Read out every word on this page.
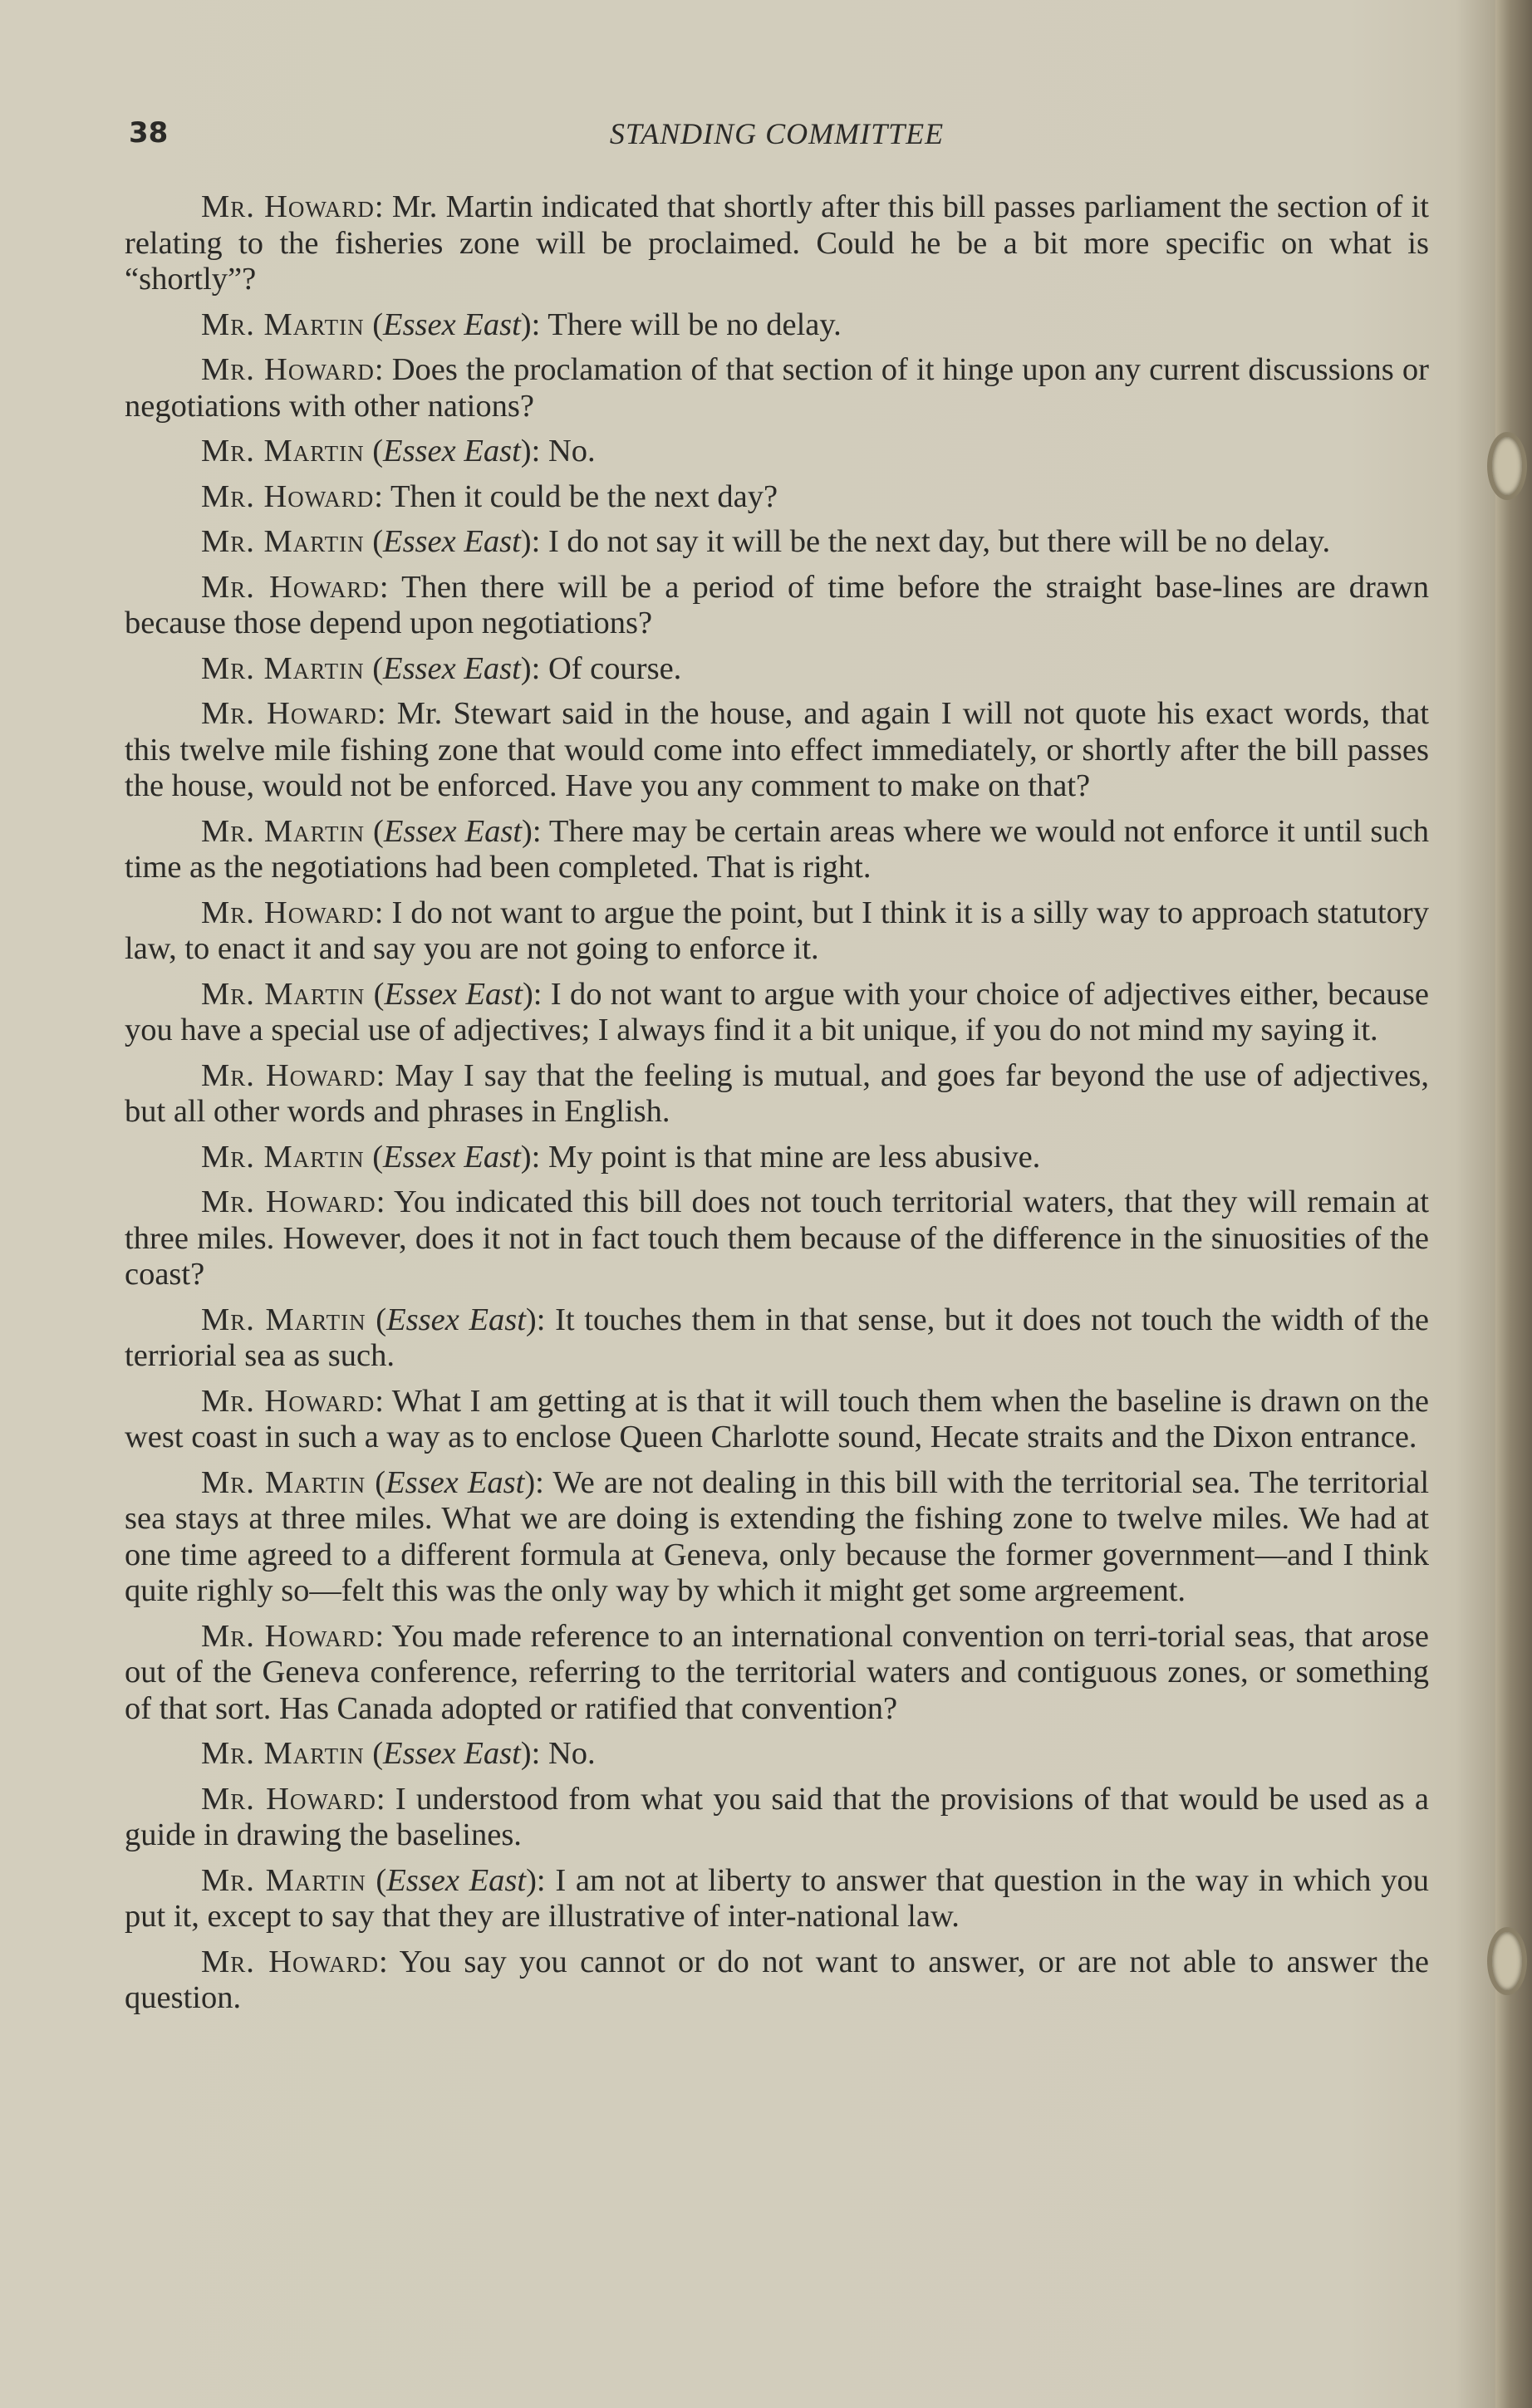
38	STANDING COMMITTEE

Mr. Howard: Mr. Martin indicated that shortly after this bill passes parliament the section of it relating to the fisheries zone will be proclaimed. Could he be a bit more specific on what is “shortly”?

Mr. Martin (Essex East): There will be no delay.

Mr. Howard: Does the proclamation of that section of it hinge upon any current discussions or negotiations with other nations?

Mr. Martin (Essex East): No.

Mr. Howard: Then it could be the next day?

Mr. Martin (Essex East): I do not say it will be the next day, but there will be no delay.

Mr. Howard: Then there will be a period of time before the straight base-lines are drawn because those depend upon negotiations?

Mr. Martin (Essex East): Of course.

Mr. Howard: Mr. Stewart said in the house, and again I will not quote his exact words, that this twelve mile fishing zone that would come into effect immediately, or shortly after the bill passes the house, would not be enforced. Have you any comment to make on that?

Mr. Martin (Essex East): There may be certain areas where we would not enforce it until such time as the negotiations had been completed. That is right.

Mr. Howard: I do not want to argue the point, but I think it is a silly way to approach statutory law, to enact it and say you are not going to enforce it.

Mr. Martin (Essex East): I do not want to argue with your choice of adjectives either, because you have a special use of adjectives; I always find it a bit unique, if you do not mind my saying it.

Mr. Howard: May I say that the feeling is mutual, and goes far beyond the use of adjectives, but all other words and phrases in English.

Mr. Martin (Essex East): My point is that mine are less abusive.

Mr. Howard: You indicated this bill does not touch territorial waters, that they will remain at three miles. However, does it not in fact touch them because of the difference in the sinuosities of the coast?

Mr. Martin (Essex East): It touches them in that sense, but it does not touch the width of the terriorial sea as such.

Mr. Howard: What I am getting at is that it will touch them when the baseline is drawn on the west coast in such a way as to enclose Queen Charlotte sound, Hecate straits and the Dixon entrance.

Mr. Martin (Essex East): We are not dealing in this bill with the territorial sea. The territorial sea stays at three miles. What we are doing is extending the fishing zone to twelve miles. We had at one time agreed to a different formula at Geneva, only because the former government—and I think quite righly so—felt this was the only way by which it might get some argreement.

Mr. Howard: You made reference to an international convention on terri-torial seas, that arose out of the Geneva conference, referring to the territorial waters and contiguous zones, or something of that sort. Has Canada adopted or ratified that convention?

Mr. Martin (Essex East): No.

Mr. Howard: I understood from what you said that the provisions of that would be used as a guide in drawing the baselines.

Mr. Martin (Essex East): I am not at liberty to answer that question in the way in which you put it, except to say that they are illustrative of inter-national law.

Mr. Howard: You say you cannot or do not want to answer, or are not able to answer the question.
